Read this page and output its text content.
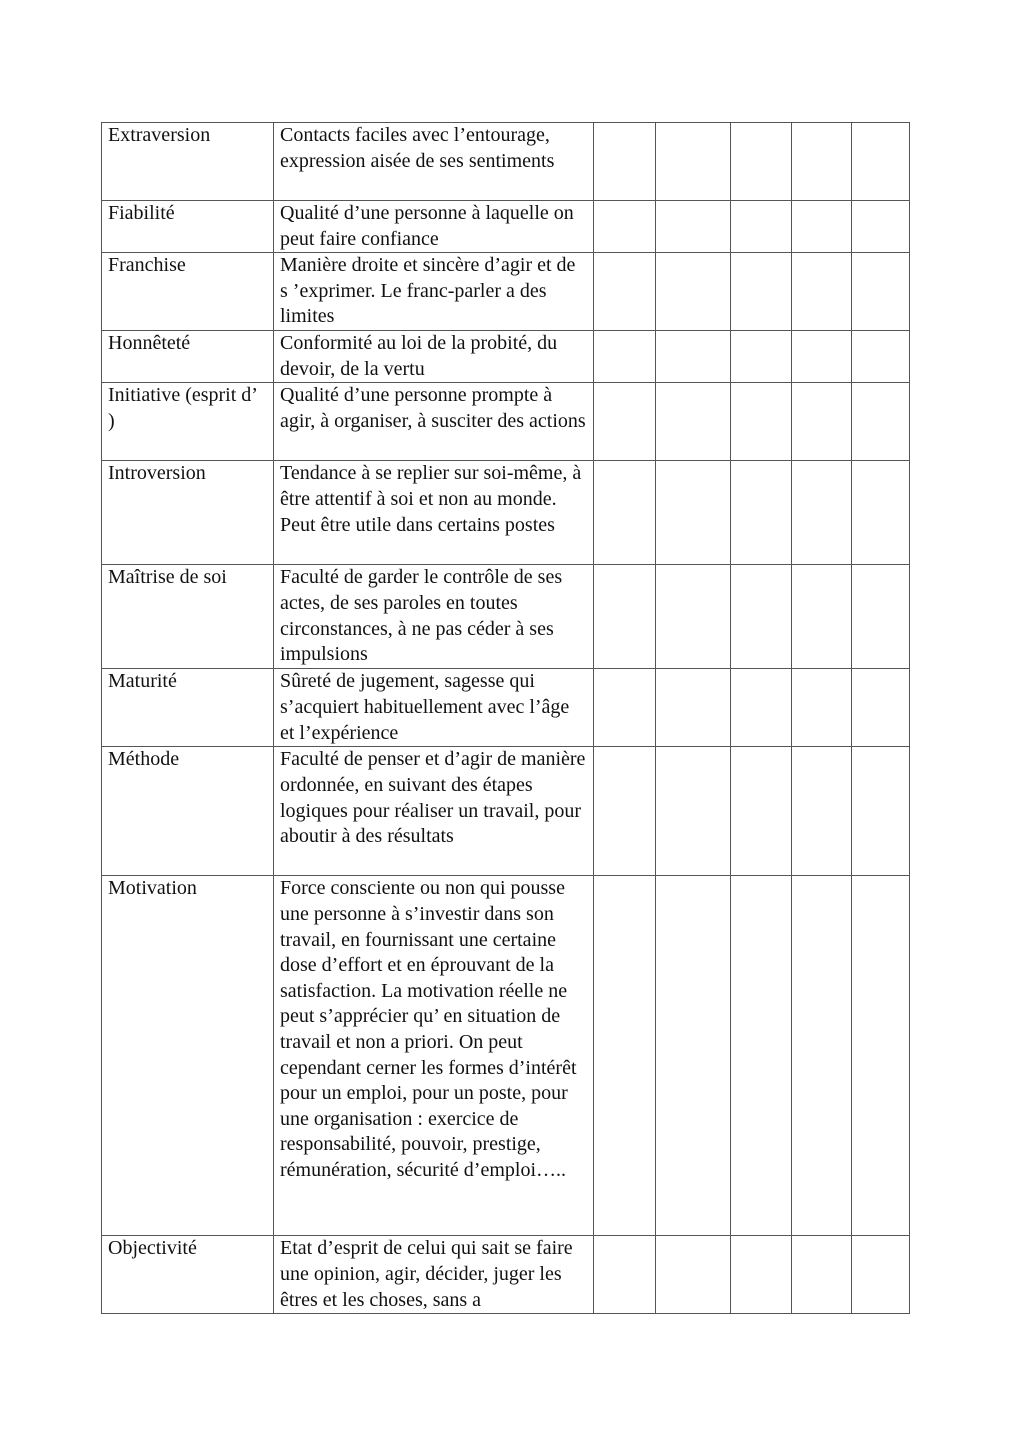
Extraversion	Contacts faciles avec l’entourage, expression aisée de ses sentiments					
Fiabilité	Qualité d’une personne à laquelle on peut faire confiance					
Franchise	Manière droite et sincère d’agir et de s ’exprimer. Le franc-parler a des limites					
Honnêteté	Conformité au loi de la probité, du devoir, de la vertu					
Initiative (esprit d’ )	Qualité d’une personne prompte à agir, à organiser, à susciter des actions					
Introversion	Tendance à se replier sur soi-même, à être attentif à soi et non au monde. Peut être utile dans certains postes					
Maîtrise de soi	Faculté de garder le contrôle de ses actes, de ses paroles en toutes circonstances, à ne pas céder à ses impulsions					
Maturité	Sûreté de jugement, sagesse qui s’acquiert habituellement avec l’âge et l’expérience					
Méthode	Faculté de penser et d’agir de manière ordonnée, en suivant des étapes logiques pour réaliser un travail, pour aboutir à des résultats					
Motivation	Force consciente ou non qui pousse une personne à s’investir dans son travail, en fournissant une certaine dose d’effort et en éprouvant de la satisfaction. La motivation réelle ne peut s’apprécier qu’ en situation de travail et non a priori. On peut cependant cerner les formes d’intérêt pour un emploi, pour un poste, pour une organisation : exercice de responsabilité, pouvoir, prestige, rémunération, sécurité d’emploi…..					
Objectivité	Etat d’esprit de celui qui sait se faire une opinion, agir, décider, juger les êtres et les choses, sans a					
